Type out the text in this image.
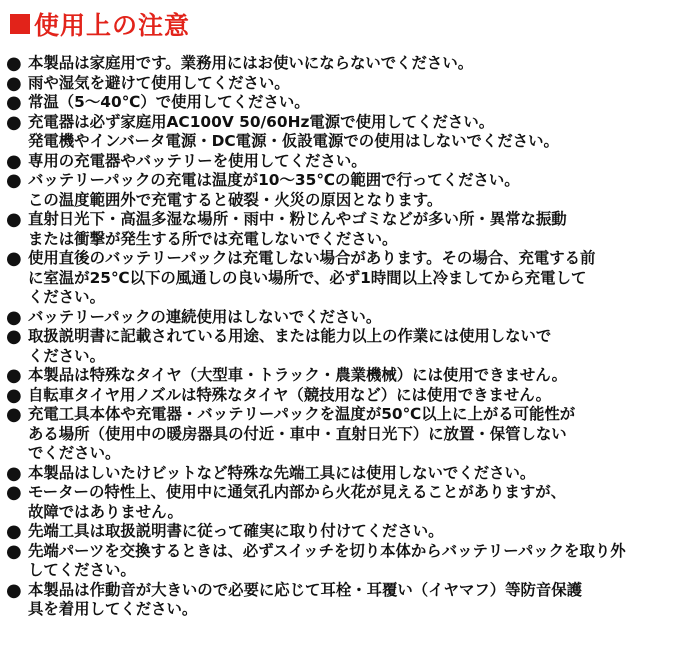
使用上の注意
● 本製品は家庭用です。業務用にはお使いにならないでください。
● 雨や湿気を避けて使用してください。
● 常温（5～40℃）で使用してください。
● 充電器は必ず家庭用AC100V 50/60Hz電源で使用してください。
発電機やインバータ電源・DC電源・仮設電源での使用はしないでください。
● 専用の充電器やバッテリーを使用してください。
● バッテリーパックの充電は温度が10～35℃の範囲で行ってください。
この温度範囲外で充電すると破裂・火災の原因となります。
● 直射日光下・高温多湿な場所・雨中・粉じんやゴミなどが多い所・異常な振動
または衝撃が発生する所では充電しないでください。
● 使用直後のバッテリーパックは充電しない場合があります。その場合、充電する前
に室温が25℃以下の風通しの良い場所で、必ず1時間以上冷ましてから充電して
ください。
● バッテリーパックの連続使用はしないでください。
● 取扱説明書に記載されている用途、または能力以上の作業には使用しないで
ください。
● 本製品は特殊なタイヤ（大型車・トラック・農業機械）には使用できません。
● 自転車タイヤ用ノズルは特殊なタイヤ（競技用など）には使用できません。
● 充電工具本体や充電器・バッテリーパックを温度が50℃以上に上がる可能性が
ある場所（使用中の暖房器具の付近・車中・直射日光下）に放置・保管しない
でください。
● 本製品はしいたけビットなど特殊な先端工具には使用しないでください。
● モーターの特性上、使用中に通気孔内部から火花が見えることがありますが、
故障ではありません。
● 先端工具は取扱説明書に従って確実に取り付けてください。
● 先端パーツを交換するときは、必ずスイッチを切り本体からバッテリーパックを取り外
してください。
● 本製品は作動音が大きいので必要に応じて耳栓・耳覆い（イヤマフ）等防音保護
具を着用してください。
